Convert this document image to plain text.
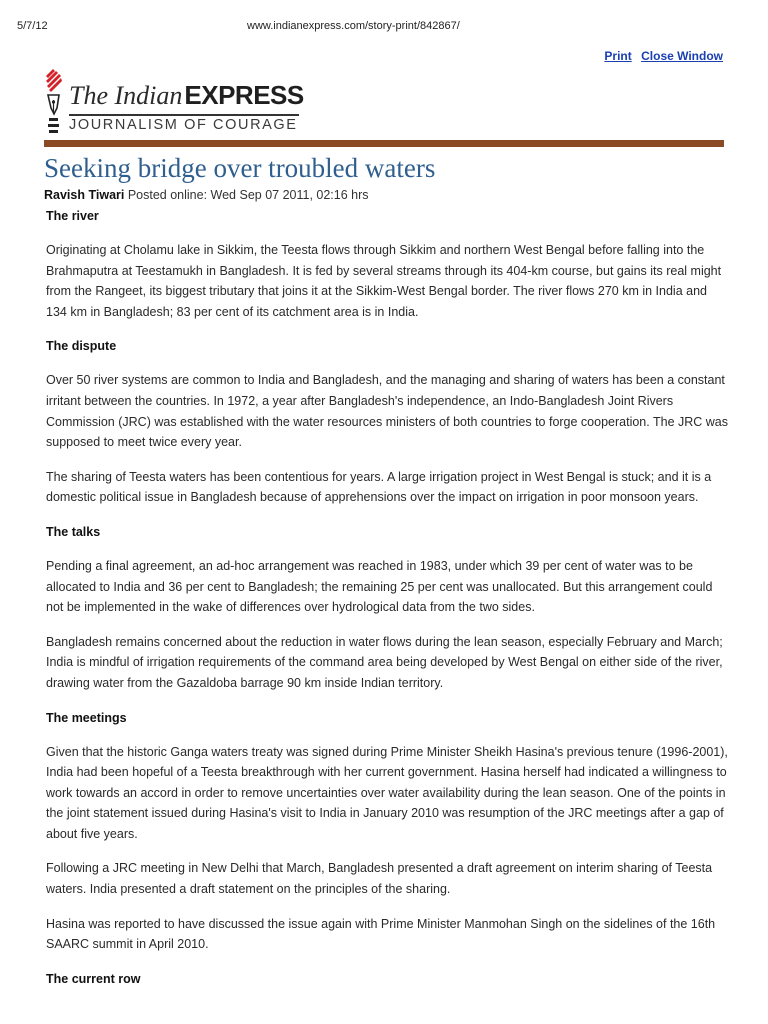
5/7/12	www.indianexpress.com/story-print/842867/
Print Close Window
The IndianEXPRESS
JOURNALISM OF COURAGE
Seeking bridge over troubled waters
Ravish Tiwari Posted online: Wed Sep 07 2011, 02:16 hrs
The river

Originating at Cholamu lake in Sikkim, the Teesta flows through Sikkim and northern West Bengal before falling into the Brahmaputra at Teestamukh in Bangladesh. It is fed by several streams through its 404-km course, but gains its real might from the Rangeet, its biggest tributary that joins it at the Sikkim-West Bengal border. The river flows 270 km in India and 134 km in Bangladesh; 83 per cent of its catchment area is in India.

The dispute

Over 50 river systems are common to India and Bangladesh, and the managing and sharing of waters has been a constant irritant between the countries. In 1972, a year after Bangladesh's independence, an Indo-Bangladesh Joint Rivers Commission (JRC) was established with the water resources ministers of both countries to forge cooperation. The JRC was supposed to meet twice every year.

The sharing of Teesta waters has been contentious for years. A large irrigation project in West Bengal is stuck; and it is a domestic political issue in Bangladesh because of apprehensions over the impact on irrigation in poor monsoon years.

The talks

Pending a final agreement, an ad-hoc arrangement was reached in 1983, under which 39 per cent of water was to be allocated to India and 36 per cent to Bangladesh; the remaining 25 per cent was unallocated. But this arrangement could not be implemented in the wake of differences over hydrological data from the two sides.

Bangladesh remains concerned about the reduction in water flows during the lean season, especially February and March; India is mindful of irrigation requirements of the command area being developed by West Bengal on either side of the river, drawing water from the Gazaldoba barrage 90 km inside Indian territory.

The meetings

Given that the historic Ganga waters treaty was signed during Prime Minister Sheikh Hasina's previous tenure (1996-2001), India had been hopeful of a Teesta breakthrough with her current government. Hasina herself had indicated a willingness to work towards an accord in order to remove uncertainties over water availability during the lean season. One of the points in the joint statement issued during Hasina's visit to India in January 2010 was resumption of the JRC meetings after a gap of about five years.

Following a JRC meeting in New Delhi that March, Bangladesh presented a draft agreement on interim sharing of Teesta waters. India presented a draft statement on the principles of the sharing.

Hasina was reported to have discussed the issue again with Prime Minister Manmohan Singh on the sidelines of the 16th SAARC summit in April 2010.

The current row
